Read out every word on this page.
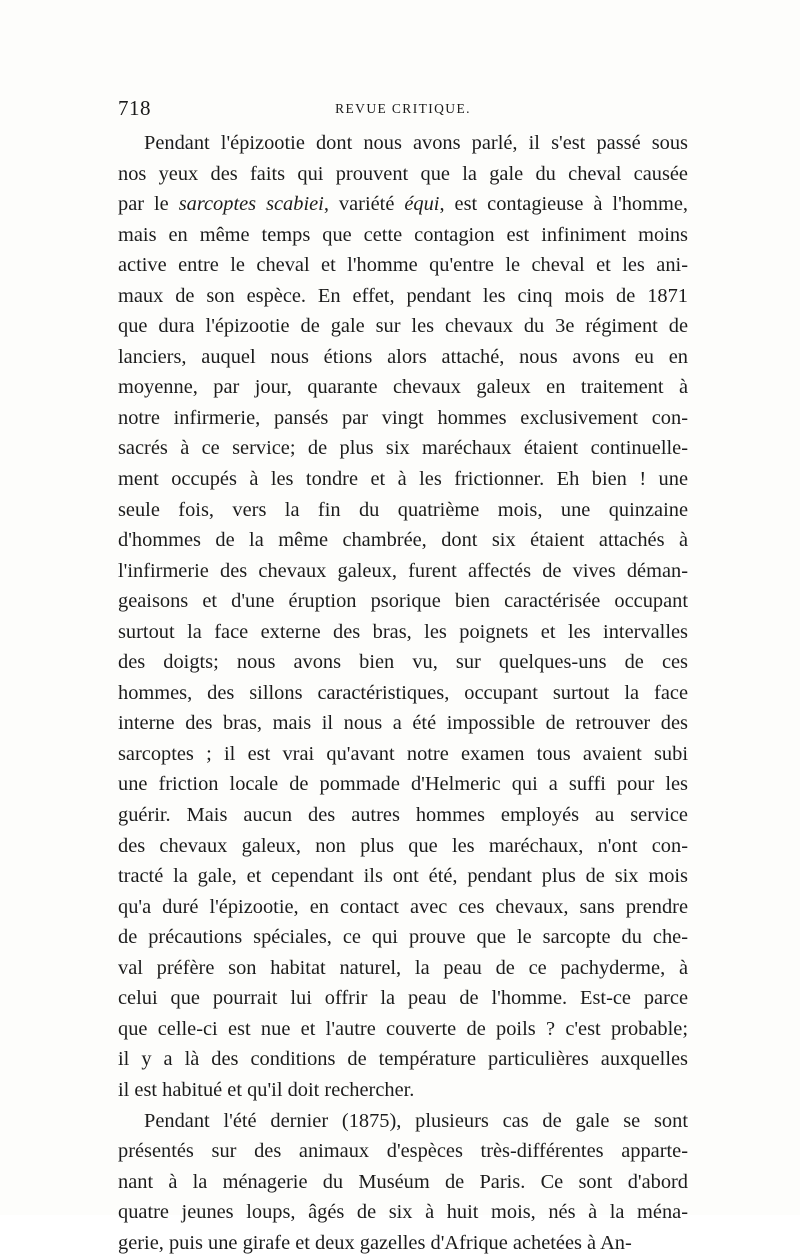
718	REVUE CRITIQUE.
Pendant l'épizootie dont nous avons parlé, il s'est passé sous
nos yeux des faits qui prouvent que la gale du cheval causée
par le sarcoptes scabiei, variété équi, est contagieuse à l'homme,
mais en même temps que cette contagion est infiniment moins
active entre le cheval et l'homme qu'entre le cheval et les ani-
maux de son espèce. En effet, pendant les cinq mois de 1871
que dura l'épizootie de gale sur les chevaux du 3e régiment de
lanciers, auquel nous étions alors attaché, nous avons eu en
moyenne, par jour, quarante chevaux galeux en traitement à
notre infirmerie, pansés par vingt hommes exclusivement con-
sacrés à ce service; de plus six maréchaux étaient continuelle-
ment occupés à les tondre et à les frictionner. Eh bien ! une
seule fois, vers la fin du quatrième mois, une quinzaine
d'hommes de la même chambrée, dont six étaient attachés à
l'infirmerie des chevaux galeux, furent affectés de vives déman-
geaisons et d'une éruption psorique bien caractérisée occupant
surtout la face externe des bras, les poignets et les intervalles
des doigts; nous avons bien vu, sur quelques-uns de ces
hommes, des sillons caractéristiques, occupant surtout la face
interne des bras, mais il nous a été impossible de retrouver des
sarcoptes ; il est vrai qu'avant notre examen tous avaient subi
une friction locale de pommade d'Helmeric qui a suffi pour les
guérir. Mais aucun des autres hommes employés au service
des chevaux galeux, non plus que les maréchaux, n'ont con-
tracté la gale, et cependant ils ont été, pendant plus de six mois
qu'a duré l'épizootie, en contact avec ces chevaux, sans prendre
de précautions spéciales, ce qui prouve que le sarcopte du che-
val préfère son habitat naturel, la peau de ce pachyderme, à
celui que pourrait lui offrir la peau de l'homme. Est-ce parce
que celle-ci est nue et l'autre couverte de poils ? c'est probable;
il y a là des conditions de température particulières auxquelles
il est habitué et qu'il doit rechercher.
Pendant l'été dernier (1875), plusieurs cas de gale se sont
présentés sur des animaux d'espèces très-différentes apparte-
nant à la ménagerie du Muséum de Paris. Ce sont d'abord
quatre jeunes loups, âgés de six à huit mois, nés à la ména-
gerie, puis une girafe et deux gazelles d'Afrique achetées à An-
